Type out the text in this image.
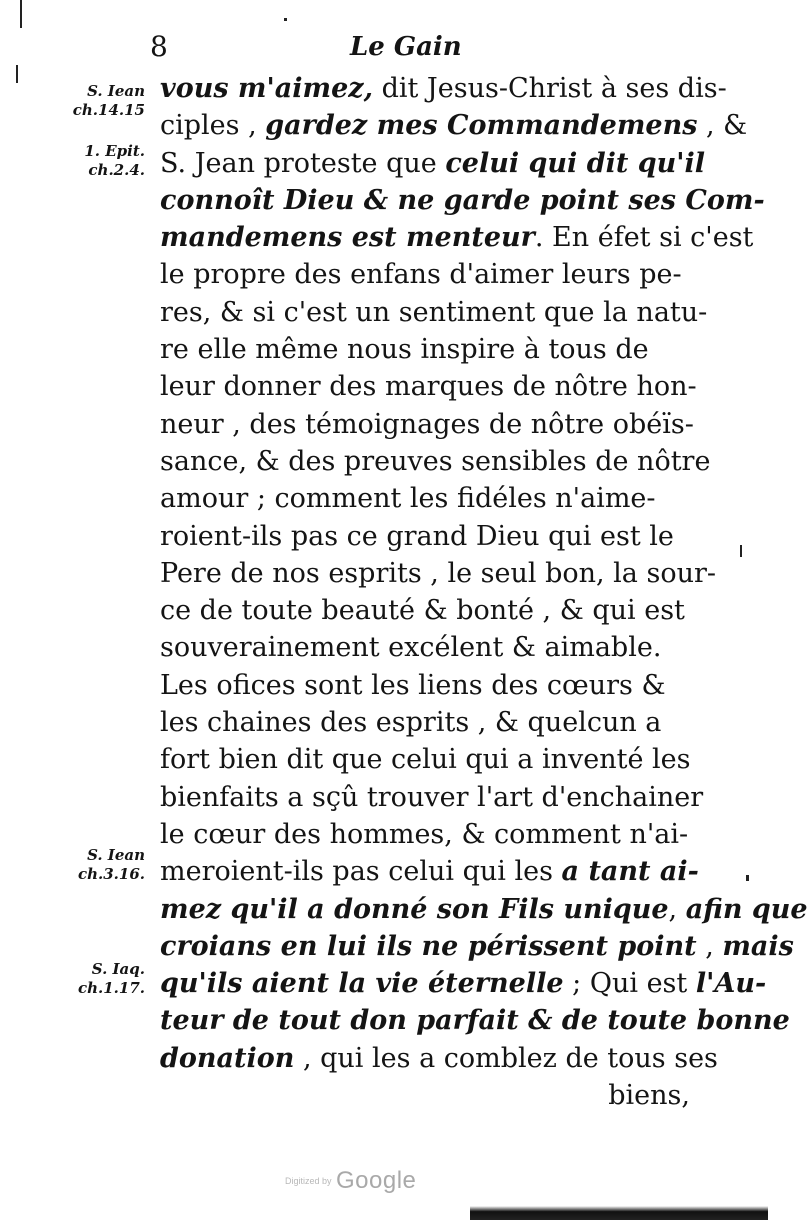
8	Le Gain
S. Iean
ch.14.15
1. Epit.
ch.2.4.
S. Iean
ch.3.16.
S. Iaq.
ch.1.17.
vous m'aimez, dit Jesus-Christ à ses dis-
ciples , gardez mes Commandemens , &
S. Jean proteste que celui qui dit qu'il
connoît Dieu & ne garde point ses Com-
mandemens est menteur. En éfet si c'est
le propre des enfans d'aimer leurs pe-
res, & si c'est un sentiment que la natu-
re elle même nous inspire à tous de
leur donner des marques de nôtre hon-
neur , des témoignages de nôtre obéïs-
sance, & des preuves sensibles de nôtre
amour ; comment les fidéles n'aime-
roient-ils pas ce grand Dieu qui est le
Pere de nos esprits , le seul bon, la sour-
ce de toute beauté & bonté , & qui est
souverainement excélent & aimable.
Les ofices sont les liens des cœurs &
les chaines des esprits , & quelcun a
fort bien dit que celui qui a inventé les
bienfaits a sçû trouver l'art d'enchainer
le cœur des hommes, & comment n'ai-
meroient-ils pas celui qui les a tant ai-
mez qu'il a donné son Fils unique, afin que
croians en lui ils ne périssent point , mais
qu'ils aient la vie éternelle ; Qui est l'Au-
teur de tout don parfait & de toute bonne
donation , qui les a comblez de tous ses
biens,
Digitized by Google
